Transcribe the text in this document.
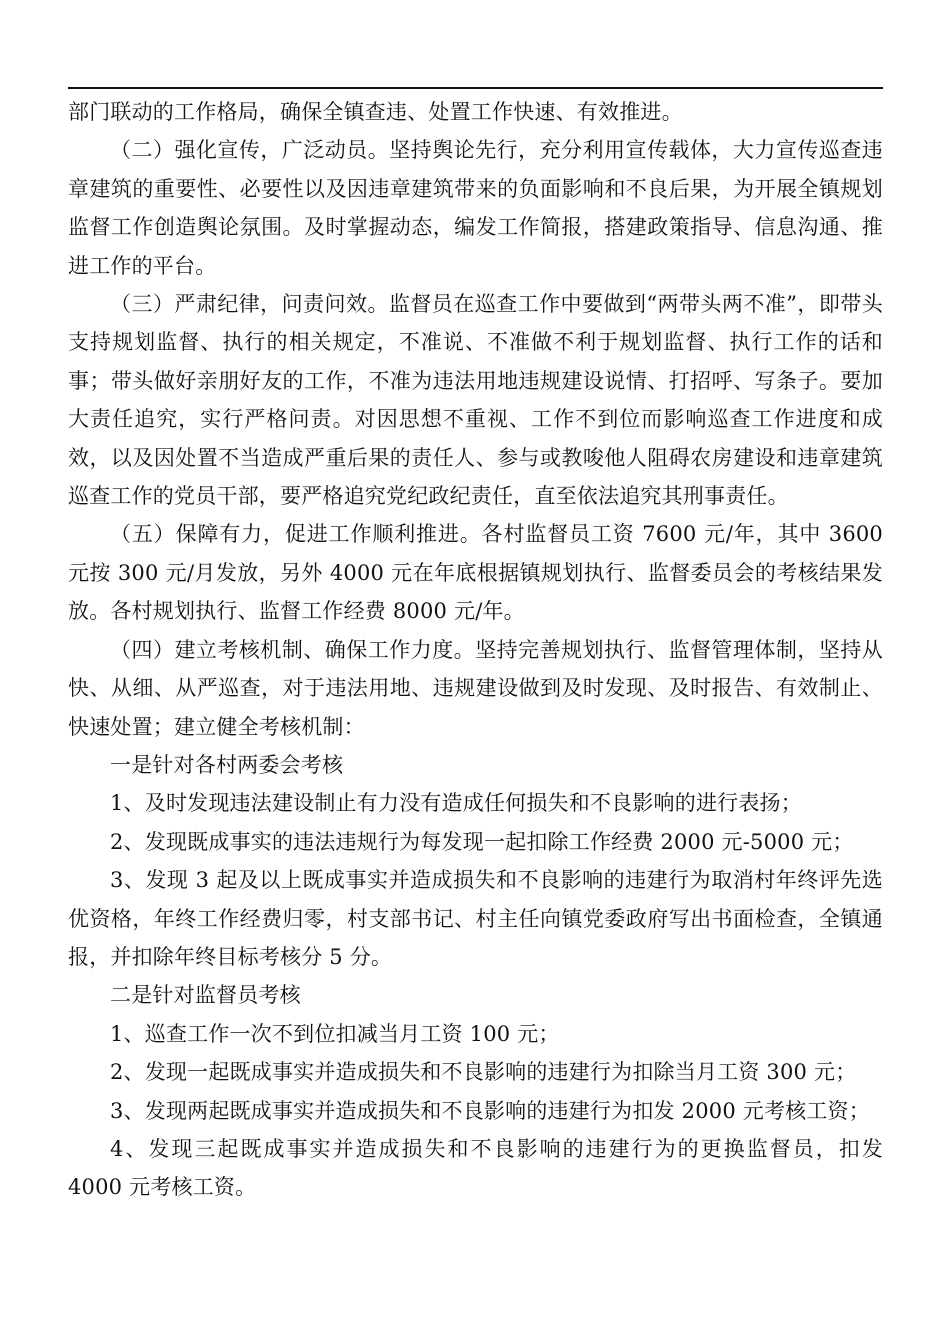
部门联动的工作格局，确保全镇查违、处置工作快速、有效推进。

（二）强化宣传，广泛动员。坚持舆论先行，充分利用宣传载体，大力宣传巡查违章建筑的重要性、必要性以及因违章建筑带来的负面影响和不良后果，为开展全镇规划监督工作创造舆论氛围。及时掌握动态，编发工作简报，搭建政策指导、信息沟通、推进工作的平台。

（三）严肃纪律，问责问效。监督员在巡查工作中要做到“两带头两不准”，即带头支持规划监督、执行的相关规定，不准说、不准做不利于规划监督、执行工作的话和事；带头做好亲朋好友的工作，不准为违法用地违规建设说情、打招呼、写条子。要加大责任追究，实行严格问责。对因思想不重视、工作不到位而影响巡查工作进度和成效，以及因处置不当造成严重后果的责任人、参与或教唆他人阻碍农房建设和违章建筑巡查工作的党员干部，要严格追究党纪政纪责任，直至依法追究其刑事责任。

（五）保障有力，促进工作顺利推进。各村监督员工资 7600 元/年，其中 3600 元按 300 元/月发放，另外 4000 元在年底根据镇规划执行、监督委员会的考核结果发放。各村规划执行、监督工作经费 8000 元/年。

（四）建立考核机制、确保工作力度。坚持完善规划执行、监督管理体制，坚持从快、从细、从严巡查，对于违法用地、违规建设做到及时发现、及时报告、有效制止、快速处置；建立健全考核机制：

一是针对各村两委会考核

1、及时发现违法建设制止有力没有造成任何损失和不良影响的进行表扬；

2、发现既成事实的违法违规行为每发现一起扣除工作经费 2000 元-5000 元；

3、发现 3 起及以上既成事实并造成损失和不良影响的违建行为取消村年终评先选优资格，年终工作经费归零，村支部书记、村主任向镇党委政府写出书面检查，全镇通报，并扣除年终目标考核分 5 分。

二是针对监督员考核

1、巡查工作一次不到位扣减当月工资 100 元；

2、发现一起既成事实并造成损失和不良影响的违建行为扣除当月工资 300 元；

3、发现两起既成事实并造成损失和不良影响的违建行为扣发 2000 元考核工资；

4、发现三起既成事实并造成损失和不良影响的违建行为的更换监督员，扣发 4000 元考核工资。
